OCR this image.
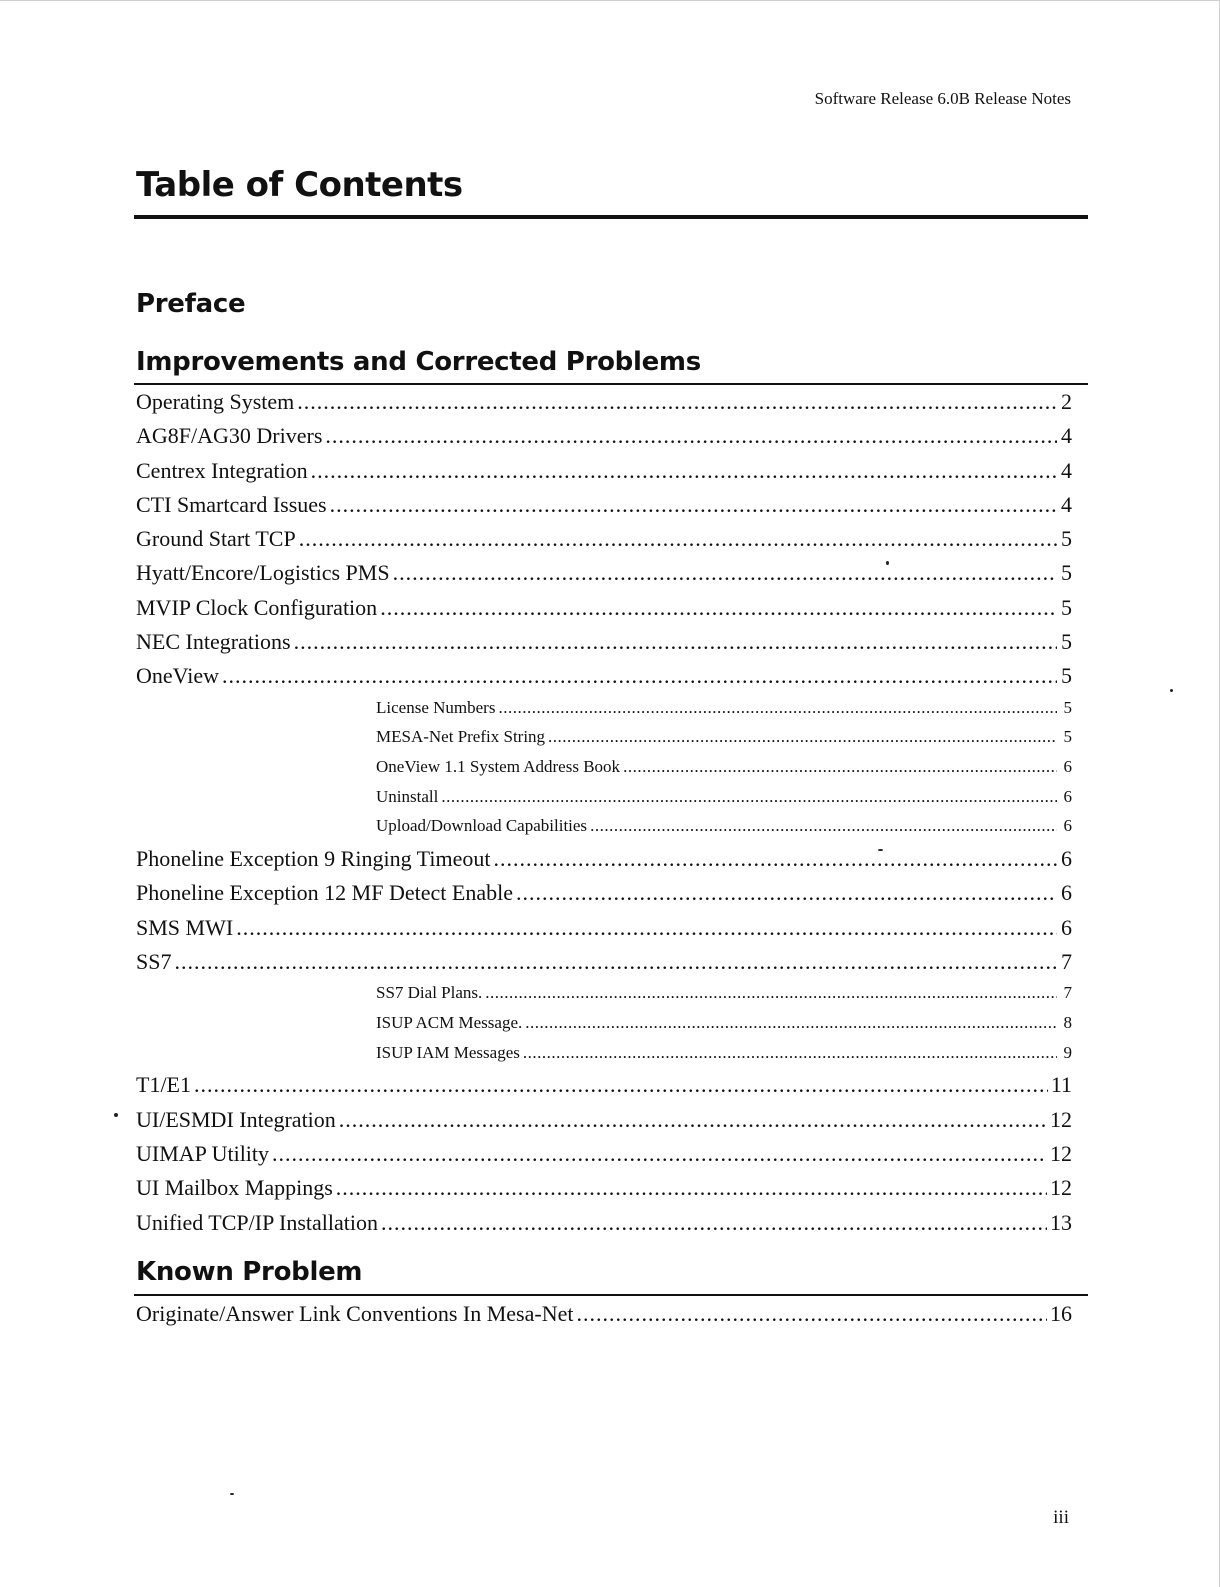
Software Release 6.0B Release Notes
Table of Contents
Preface
Improvements and Corrected Problems
Operating System .....	2
AG8F/AG30 Drivers .....	4
Centrex Integration .....	4
CTI Smartcard Issues .....	4
Ground Start TCP .....	5
Hyatt/Encore/Logistics PMS .....	5
MVIP Clock Configuration .....	5
NEC Integrations .....	5
OneView .....	5
License Numbers .....	5
MESA-Net Prefix String .....	5
OneView 1.1 System Address Book .....	6
Uninstall .....	6
Upload/Download Capabilities .....	6
Phoneline Exception 9 Ringing Timeout .....	6
Phoneline Exception 12 MF Detect Enable .....	6
SMS MWI .....	6
SS7 .....	7
SS7 Dial Plans. .....	7
ISUP ACM Message. .....	8
ISUP IAM Messages .....	9
T1/E1 .....	11
UI/ESMDI Integration .....	12
UIMAP Utility .....	12
UI Mailbox Mappings .....	12
Unified TCP/IP Installation .....	13
Known Problem
Originate/Answer Link Conventions In Mesa-Net .....	16
iii
